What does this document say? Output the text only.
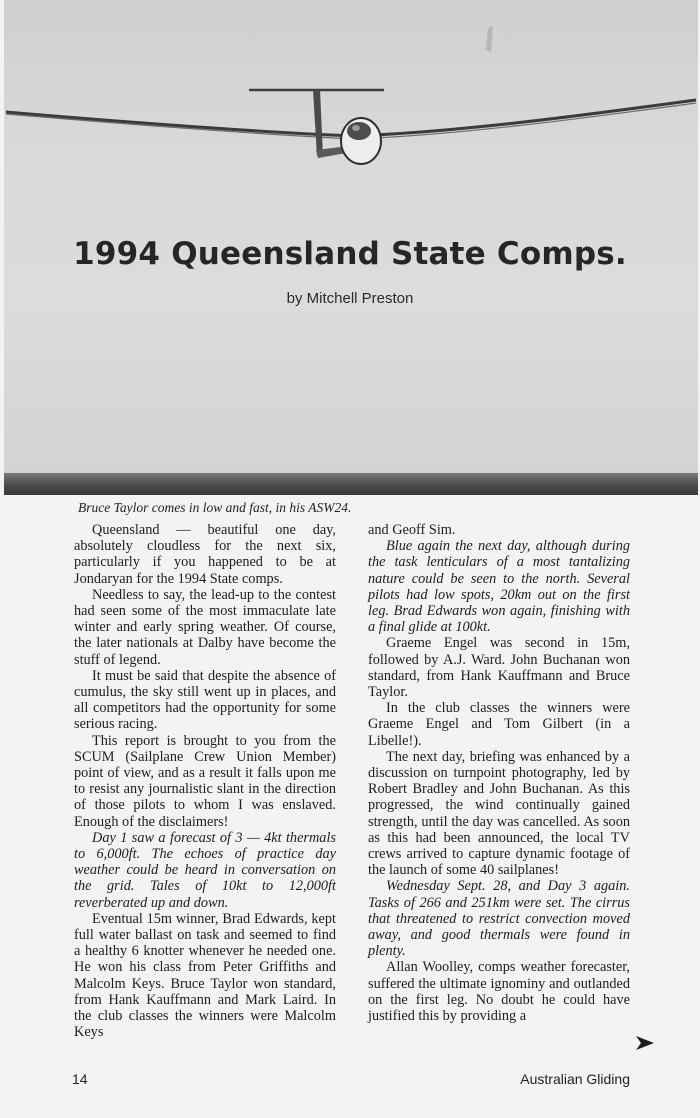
1994 Queensland State Comps.
by Mitchell Preston
Bruce Taylor comes in low and fast, in his ASW24.

Queensland — beautiful one day, absolutely cloudless for the next six, particularly if you happened to be at Jondaryan for the 1994 State comps.

Needless to say, the lead-up to the contest had seen some of the most immaculate late winter and early spring weather. Of course, the later nationals at Dalby have become the stuff of legend.

It must be said that despite the absence of cumulus, the sky still went up in places, and all competitors had the opportunity for some serious racing.

This report is brought to you from the SCUM (Sailplane Crew Union Member) point of view, and as a result it falls upon me to resist any journalistic slant in the direction of those pilots to whom I was enslaved. Enough of the disclaimers!

Day 1 saw a forecast of 3 — 4kt thermals to 6,000ft. The echoes of practice day weather could be heard in conversation on the grid. Tales of 10kt to 12,000ft reverberated up and down.

Eventual 15m winner, Brad Edwards, kept full water ballast on task and seemed to find a healthy 6 knotter whenever he needed one. He won his class from Peter Griffiths and Malcolm Keys. Bruce Taylor won standard, from Hank Kauffmann and Mark Laird. In the club classes the winners were Malcolm Keys

and Geoff Sim.

Blue again the next day, although during the task lenticulars of a most tantalizing nature could be seen to the north. Several pilots had low spots, 20km out on the first leg. Brad Edwards won again, finishing with a final glide at 100kt.

Graeme Engel was second in 15m, followed by A.J. Ward. John Buchanan won standard, from Hank Kauffmann and Bruce Taylor.

In the club classes the winners were Graeme Engel and Tom Gilbert (in a Libelle!).

The next day, briefing was enhanced by a discussion on turnpoint photography, led by Robert Bradley and John Buchanan. As this progressed, the wind continually gained strength, until the day was cancelled. As soon as this had been announced, the local TV crews arrived to capture dynamic footage of the launch of some 40 sailplanes!

Wednesday Sept. 28, and Day 3 again. Tasks of 266 and 251km were set. The cirrus that threatened to restrict convection moved away, and good thermals were found in plenty.

Allan Woolley, comps weather forecaster, suffered the ultimate ignominy and outlanded on the first leg. No doubt he could have justified this by providing a

14	Australian Gliding
